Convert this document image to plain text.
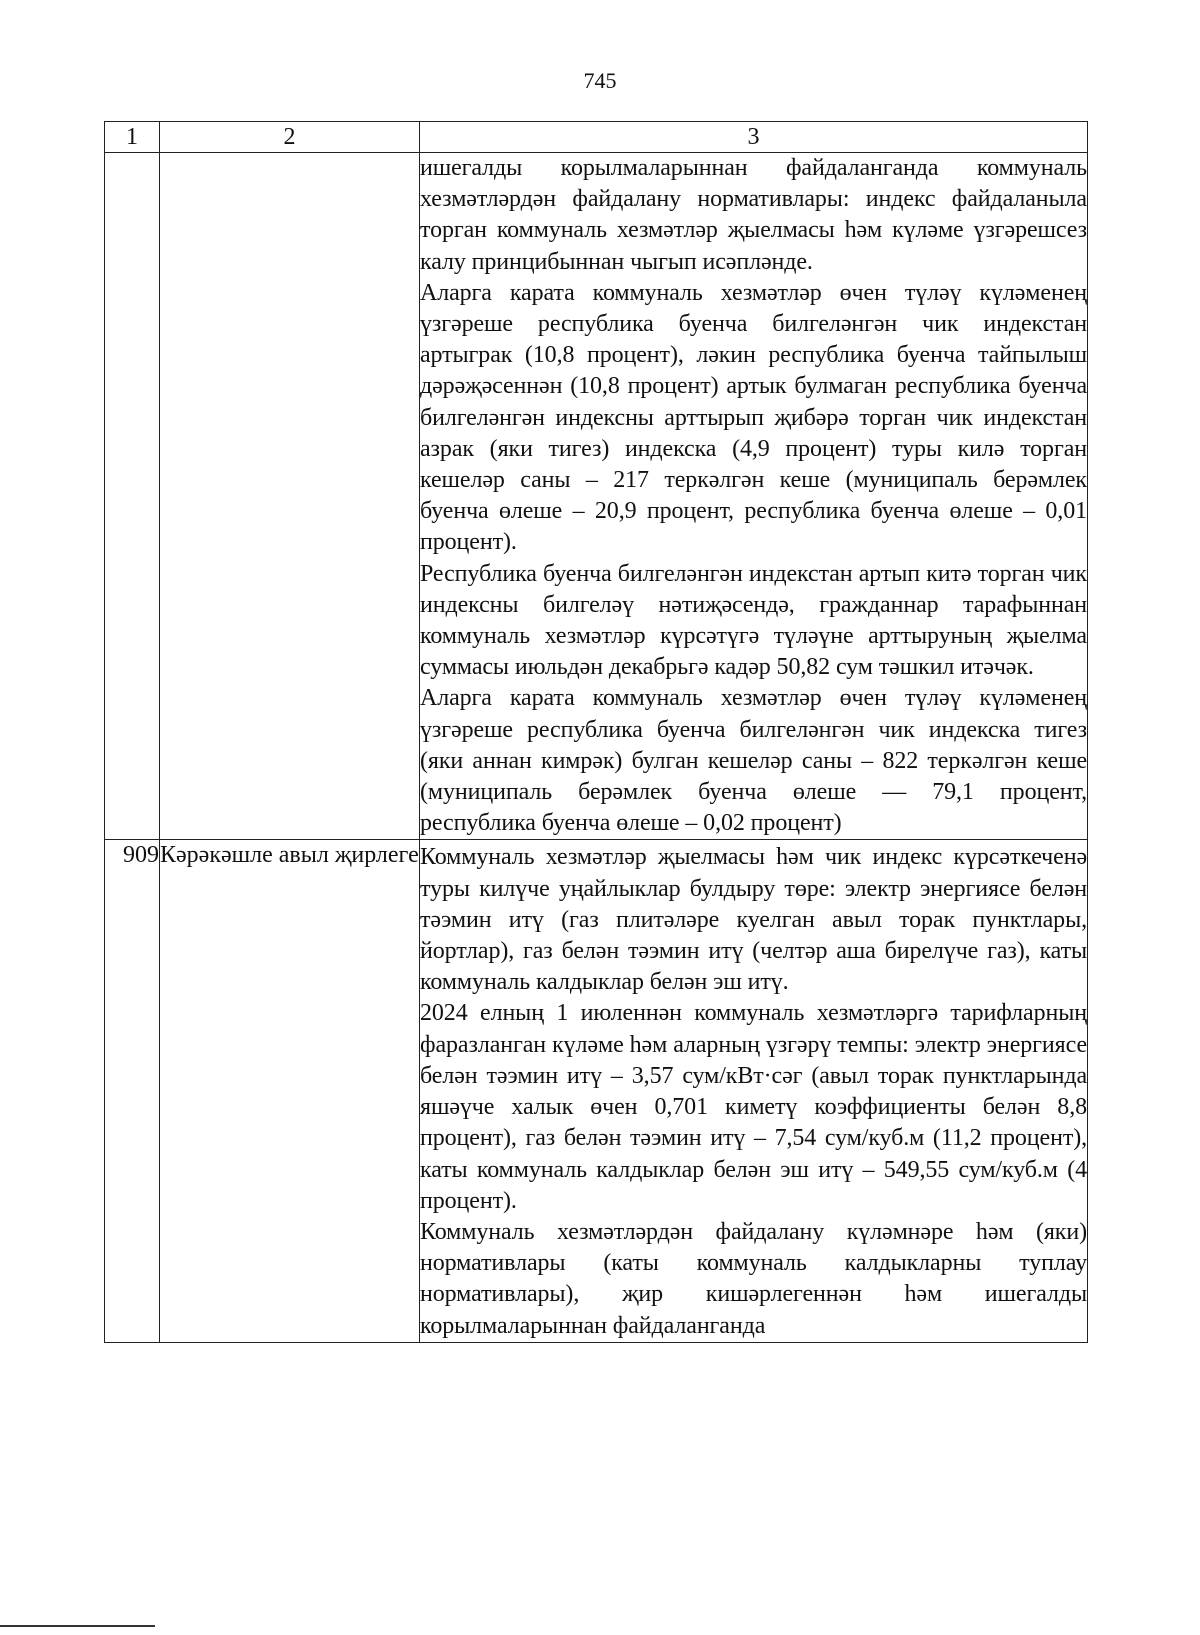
745
1	2	3

		ишегалды корылмаларыннан файдаланганда коммуналь хезмәтләрдән файдалану нормативлары: индекс файдаланыла торган коммуналь хезмәтләр җыелмасы һәм күләме үзгәрешсез калу принцибыннан чыгып исәпләнде.

Аларга карата коммуналь хезмәтләр өчен түләү күләменең үзгәреше республика буенча билгеләнгән чик индекстан артыграк (10,8 процент), ләкин республика буенча тайпылыш дәрәҗәсеннән (10,8 процент) артык булмаган республика буенча билгеләнгән индексны арттырып җибәрә торган чик индекстан азрак (яки тигез) индекска (4,9 процент) туры килә торган кешеләр саны – 217 теркәлгән кеше (муниципаль берәмлек буенча өлеше – 20,9 процент, республика буенча өлеше – 0,01 процент).

Республика буенча билгеләнгән индекстан артып китә торган чик индексны билгеләү нәтиҗәсендә, гражданнар тарафыннан коммуналь хезмәтләр күрсәтүгә түләүне арттыруның җыелма суммасы июльдән декабрьгә кадәр 50,82 сум тәшкил итәчәк.

Аларга карата коммуналь хезмәтләр өчен түләү күләменең үзгәреше республика буенча билгеләнгән чик индекска тигез (яки аннан кимрәк) булган кешеләр саны – 822 теркәлгән кеше (муниципаль берәмлек буенча өлеше — 79,1 процент, республика буенча өлеше – 0,02 процент)

909	Кәрәкәшле авыл җирлеге	Коммуналь хезмәтләр җыелмасы һәм чик индекс күрсәткеченә туры килүче уңайлыклар булдыру төре: электр энергиясе белән тәэмин итү (газ плитәләре куелган авыл торак пунктлары, йортлар), газ белән тәэмин итү (челтәр аша бирелүче газ), каты коммуналь калдыклар белән эш итү.

2024 елның 1 июленнән коммуналь хезмәтләргә тарифларның фаразланган күләме һәм аларның үзгәрү темпы: электр энергиясе белән тәэмин итү – 3,57 сум/кВт·сәг (авыл торак пунктларында яшәүче халык өчен 0,701 киметү коэффициенты белән 8,8 процент), газ белән тәэмин итү – 7,54 сум/куб.м (11,2 процент), каты коммуналь калдыклар белән эш итү – 549,55 сум/куб.м (4 процент).

Коммуналь хезмәтләрдән файдалану күләмнәре һәм (яки) нормативлары (каты коммуналь калдыкларны туплау нормативлары), җир кишәрлегеннән һәм ишегалды корылмаларыннан файдаланганда
